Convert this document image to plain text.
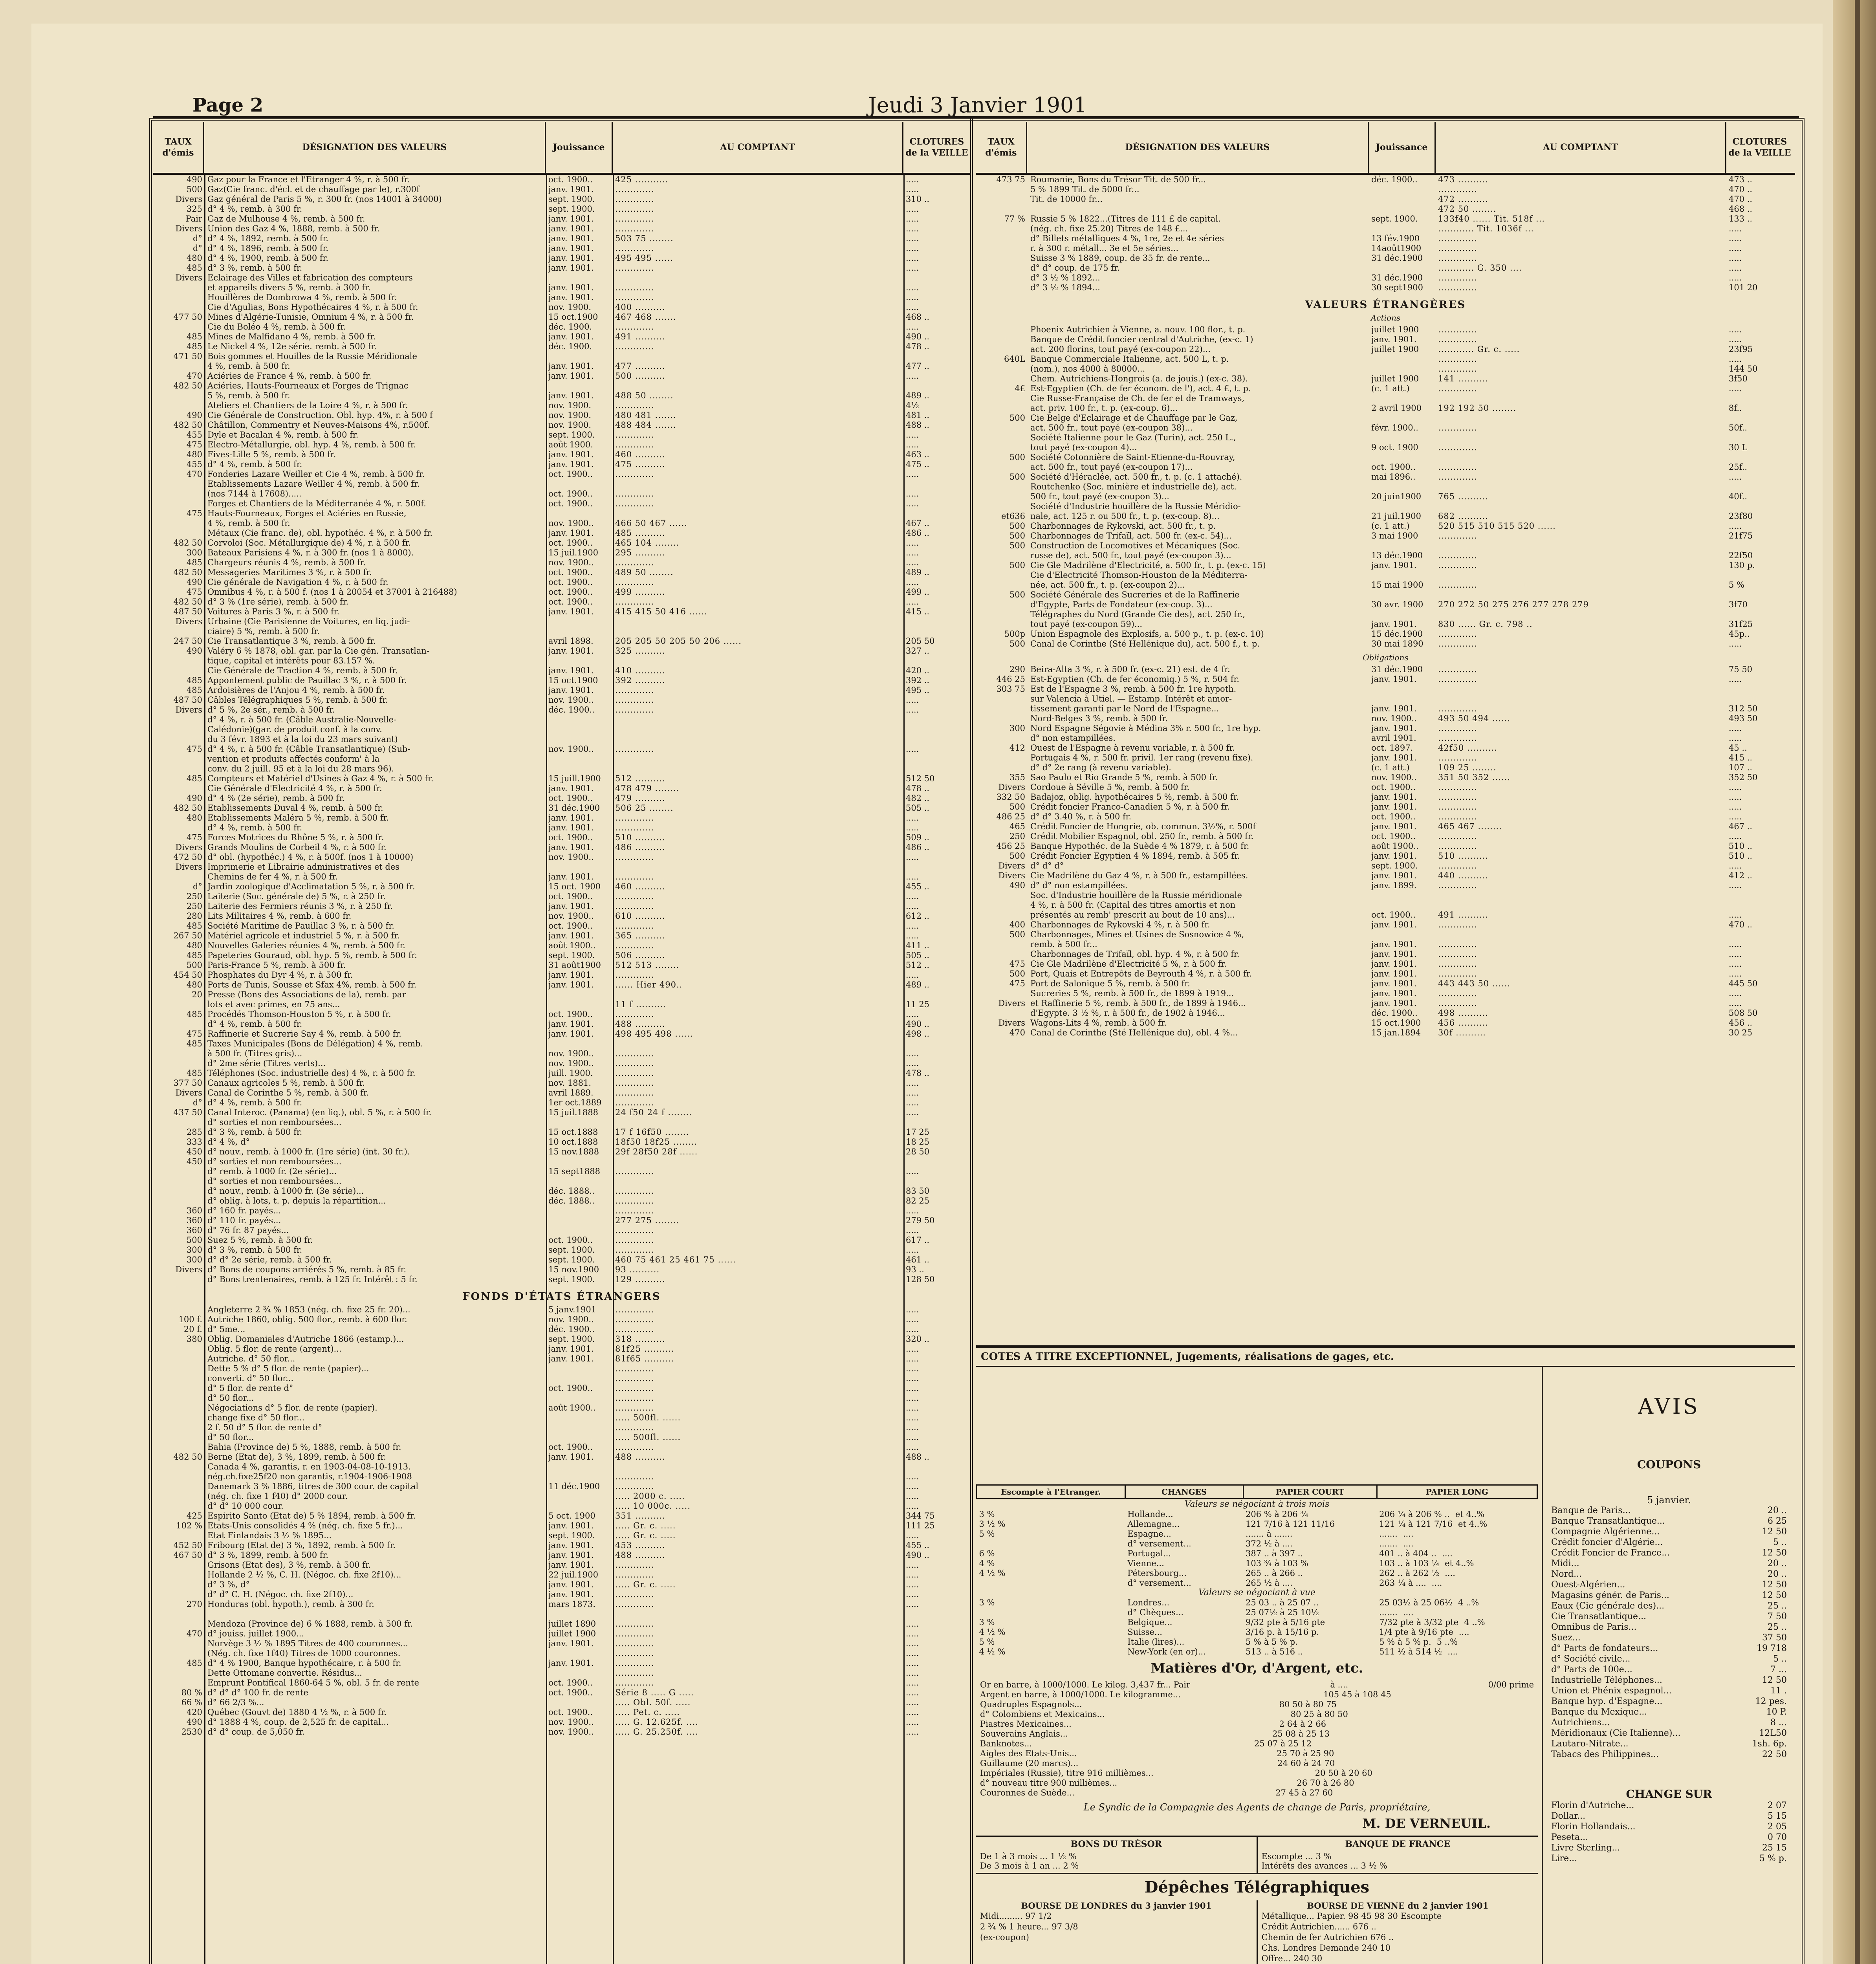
Page 2	Jeudi 3 Janvier 1901
TAUX d'émis
DÉSIGNATION DES VALEURS	Jouissance	AU COMPTANT
CLOTURES de la VEILLE
490 Gaz pour la France et l'Etranger 4 %, r. à 500 fr.	oct. 1900..	425 ...........	.....
500 Gaz(Cie franc. d'écl. et de chauffage par le), r.300f	janv. 1901.	.............	.....
Divers Gaz général de Paris 5 %, r. 300 fr. (nos 14001 à 34000)	sept. 1900.	.............	310 ..
325 d° 4 %, remb. à 300 fr.	sept. 1900.	.............	.....
Pair Gaz de Mulhouse 4 %, remb. à 500 fr.	janv. 1901.	.............	.....
Divers Union des Gaz 4 %, 1888, remb. à 500 fr.	janv. 1901.	.............	.....
d° d° 4 %, 1892, remb. à 500 fr.	janv. 1901.	503 75 ........	.....
d° d° 4 %, 1896, remb. à 500 fr.	janv. 1901.	.............	.....
480 d° 4 %, 1900, remb. à 500 fr.	janv. 1901.	495 495 ......	.....
485 d° 3 %, remb. à 500 fr.	janv. 1901.	.............	.....
Divers Eclairage des Villes et fabrication des compteurs
et appareils divers 5 %, remb. à 300 fr.	janv. 1901.	.............	.....
Houillères de Dombrowa 4 %, remb. à 500 fr.	janv. 1901.	.............	.....
Cie d'Agulias, Bons Hypothécaires 4 %, r. à 500 fr.	nov. 1900.	400 ..........	.....
477 50 Mines d'Algérie-Tunisie, Omnium 4 %, r. à 500 fr.	15 oct.1900	467 468 .......	468 ..
Cie du Boléo 4 %, remb. à 500 fr.	déc. 1900.	.............	.....
485 Mines de Malfidano 4 %, remb. à 500 fr.	janv. 1901.	491 ..........	490 ..
485 Le Nickel 4 %, 12e série. remb. à 500 fr.	déc. 1900.	.............	478 ..
471 50 Bois gommes et Houilles de la Russie Méridionale
4 %, remb. à 500 fr.	janv. 1901.	477 ..........	477 ..
470 Aciéries de France 4 %, remb. à 500 fr.	janv. 1901.	500 ..........	.....
482 50 Aciéries, Hauts-Fourneaux et Forges de Trignac
5 %, remb. à 500 fr.	janv. 1901.	488 50 ........	489 ..
Ateliers et Chantiers de la Loire 4 %, r. à 500 fr.	nov. 1900.	.............	4½
490 Cie Générale de Construction. Obl. hyp. 4%, r. à 500 f	nov. 1900.	480 481 .......	481 ..
482 50 Châtillon, Commentry et Neuves-Maisons 4%, r.500f.	nov. 1900.	488 484 .......	488 ..
455 Dyle et Bacalan 4 %, remb. à 500 fr.	sept. 1900.	.............	.....
475 Electro-Métallurgie, obl. hyp. 4 %, remb. à 500 fr.	août 1900.	.............	.....
480 Fives-Lille 5 %, remb. à 500 fr.	janv. 1901.	460 ..........	463 ..
455 d° 4 %, remb. à 500 fr.	janv. 1901.	475 ..........	475 ..
470 Fonderies Lazare Weiller et Cie 4 %, remb. à 500 fr.	oct. 1900..	.............	.....
Etablissements Lazare Weiller 4 %, remb. à 500 fr.
(nos 7144 à 17608).....	oct. 1900..	.............	.....
Forges et Chantiers de la Méditerranée 4 %, r. 500f.	oct. 1900..	.............	.....
475 Hauts-Fourneaux, Forges et Aciéries en Russie,
4 %, remb. à 500 fr.	nov. 1900..	466 50 467 ......	467 ..
Métaux (Cie franc. de), obl. hypothéc. 4 %, r. à 500 fr.	janv. 1901.	485 ..........	486 ..
482 50 Corvoloi (Soc. Métallurgique de) 4 %, r. à 500 fr.	oct. 1900..	465 104 ........	.....
300 Bateaux Parisiens 4 %, r. à 300 fr. (nos 1 à 8000).	15 juil.1900	295 ..........	.....
485 Chargeurs réunis 4 %, remb. à 500 fr.	nov. 1900..	.............	.....
482 50 Messageries Maritimes 3 %, r. à 500 fr.	oct. 1900..	489 50 ........	489 ..
490 Cie générale de Navigation 4 %, r. à 500 fr.	oct. 1900..	.............	.....
475 Omnibus 4 %, r. à 500 f. (nos 1 à 20054 et 37001 à 216488)	oct. 1900..	499 ..........	499 ..
482 50 d° 3 % (1re série), remb. à 500 fr.	oct. 1900..	.............	.....
487 50 Voitures à Paris 3 %, r. à 500 fr.	janv. 1901.	415 415 50 416 ......	415 ..
Divers Urbaine (Cie Parisienne de Voitures, en liq. judi-
ciaire) 5 %, remb. à 500 fr.
247 50 Cie Transatlantique 3 %, remb. à 500 fr.	avril 1898.	205 205 50 205 50 206 ......	205 50
490 Valéry 6 % 1878, obl. gar. par la Cie gén. Transatlan-	janv. 1901.	325 ..........	327 ..
tique, capital et intérêts pour 83.157 %.
Cie Générale de Traction 4 %, remb. à 500 fr.	janv. 1901.	410 ..........	420 ..
485 Appontement public de Pauillac 3 %, r. à 500 fr.	15 oct.1900	392 ..........	392 ..
485 Ardoisières de l'Anjou 4 %, remb. à 500 fr.	janv. 1901.	.............	495 ..
487 50 Câbles Télégraphiques 5 %, remb. à 500 fr.	nov. 1900..	.............	.....
Divers d° 5 %, 2e sér., remb. à 500 fr.	déc. 1900..	.............	.....
d° 4 %, r. à 500 fr. (Câble Australie-Nouvelle-
Calédonie)(gar. de produit conf. à la conv.
du 3 févr. 1893 et à la loi du 23 mars suivant)
475 d° 4 %, r. à 500 fr. (Câble Transatlantique) (Sub-	nov. 1900..	.............	.....
vention et produits affectés conform' à la
conv. du 2 juill. 95 et à la loi du 28 mars 96).
485 Compteurs et Matériel d'Usines à Gaz 4 %, r. à 500 fr.	15 juill.1900	512 ..........	512 50
Cie Générale d'Electricité 4 %, r. à 500 fr.	janv. 1901.	478 479 ........	478 ..
490 d° 4 % (2e série), remb. à 500 fr.	oct. 1900..	479 ..........	482 ..
482 50 Etablissements Duval 4 %, remb. à 500 fr.	31 déc.1900	506 25 ........	505 ..
480 Etablissements Maléra 5 %, remb. à 500 fr.	janv. 1901.	.............	.....
d° 4 %, remb. à 500 fr.	janv. 1901.	.............	.....
475 Forces Motrices du Rhône 5 %, r. à 500 fr.	oct. 1900..	510 ..........	509 ..
Divers Grands Moulins de Corbeil 4 %, r. à 500 fr.	janv. 1901.	486 ..........	486 ..
472 50 d° obl. (hypothéc.) 4 %, r. à 500f. (nos 1 à 10000)	nov. 1900..	.............	.....
Divers Imprimerie et Librairie administratives et des
Chemins de fer 4 %, r. à 500 fr.	janv. 1901.	.............	.....
d° Jardin zoologique d'Acclimatation 5 %, r. à 500 fr.	15 oct. 1900	460 ..........	455 ..
250 Laiterie (Soc. générale de) 5 %, r. à 250 fr.	oct. 1900..	.............	.....
250 Laiterie des Fermiers réunis 3 %, r. à 250 fr.	janv. 1901.	.............	.....
280 Lits Militaires 4 %, remb. à 600 fr.	nov. 1900..	610 ..........	612 ..
485 Société Maritime de Pauillac 3 %, r. à 500 fr.	oct. 1900..	.............	.....
267 50 Matériel agricole et industriel 5 %, r. à 500 fr.	janv. 1901.	365 ..........	.....
480 Nouvelles Galeries réunies 4 %, remb. à 500 fr.	août 1900..	.............	411 ..
485 Papeteries Gouraud, obl. hyp. 5 %, remb. à 500 fr.	sept. 1900.	506 ..........	505 ..
500 Paris-France 5 %, remb. à 500 fr.	31 août1900	512 513 ........	512 ..
454 50 Phosphates du Dyr 4 %, r. à 500 fr.	janv. 1901.	.............	.....
480 Ports de Tunis, Sousse et Sfax 4%, remb. à 500 fr.	janv. 1901.	...... Hier 490..	489 ..
20 Presse (Bons des Associations de la), remb. par
lots et avec primes, en 75 ans...	11 f ..........	11 25
485 Procédés Thomson-Houston 5 %, r. à 500 fr.	oct. 1900..	.............	.....
d° 4 %, remb. à 500 fr.	janv. 1901.	488 ..........	490 ..
475 Raffinerie et Sucrerie Say 4 %, remb. à 500 fr.	janv. 1901.	498 495 498 ......	498 ..
485 Taxes Municipales (Bons de Délégation) 4 %, remb.
à 500 fr. (Titres gris)...	nov. 1900..	.............	.....
d° 2me série (Titres verts)...	nov. 1900..	.............	.....
485 Téléphones (Soc. industrielle des) 4 %, r. à 500 fr.	juill. 1900.	.............	478 ..
377 50 Canaux agricoles 5 %, remb. à 500 fr.	nov. 1881.	.............	.....
Divers Canal de Corinthe 5 %, remb. à 500 fr.	avril 1889.	.............	.....
d° d° 4 %, remb. à 500 fr.	1er oct.1889	.............	.....
437 50 Canal Interoc. (Panama) (en liq.), obl. 5 %, r. à 500 fr.	15 juil.1888	24 f50 24 f ........	.....
d° sorties et non remboursées...
285 d° 3 %, remb. à 500 fr.	15 oct.1888	17 f 16f50 ........	17 25
333 d° 4 %, d°	10 oct.1888	18f50 18f25 ........	18 25
450 d° nouv., remb. à 1000 fr. (1re série) (int. 30 fr.).	15 nov.1888	29f 28f50 28f ......	28 50
450 d° sorties et non remboursées...
d° remb. à 1000 fr. (2e série)...	15 sept1888	.............	.....
d° sorties et non remboursées...
d° nouv., remb. à 1000 fr. (3e série)...	déc. 1888..	.............	83 50
d° oblig. à lots, t. p. depuis la répartition...	déc. 1888..	.............	82 25
360 d° 160 fr. payés...	.............	.....
360 d° 110 fr. payés...	277 275 ........	279 50
360 d° 76 fr. 87 payés...	.............	.....
500 Suez 5 %, remb. à 500 fr.	oct. 1900..	.............	617 ..
300 d° 3 %, remb. à 500 fr.	sept. 1900.	.............	.....
300 d° d° 2e série, remb. à 500 fr.	sept. 1900.	460 75 461 25 461 75 ......	461 ..
Divers d° Bons de coupons arriérés 5 %, remb. à 85 fr.	15 nov.1900	93 ..........	93 ..
d° Bons trentenaires, remb. à 125 fr. Intérêt : 5 fr.	sept. 1900.	129 ..........	128 50
FONDS D'ÉTATS ÉTRANGERS
Angleterre 2 ¾ % 1853 (nég. ch. fixe 25 fr. 20)...	5 janv.1901	.............	.....
100 f. Autriche 1860, oblig. 500 flor., remb. à 600 flor.	nov. 1900..	.............	.....
20 f. d° 5me...	déc. 1900..	.............	.....
380 Oblig. Domaniales d'Autriche 1866 (estamp.)...	sept. 1900.	318 ..........	320 ..
Oblig. 5 flor. de rente (argent)...	janv. 1901.	81f25 ..........	.....
Autriche. d° 50 flor...	janv. 1901.	81f65 ..........	.....
Dette 5 % d° 5 flor. de rente (papier)...	.............	.....
converti. d° 50 flor...	.............	.....
d° 5 flor. de rente d°	oct. 1900..	.............	.....
d° 50 flor...	.............	.....
Négociations d° 5 flor. de rente (papier).	août 1900..	.............	.....
change fixe d° 50 flor...	..... 500fl. ......	.....
2 f. 50 d° 5 flor. de rente d°	.............	.....
d° 50 flor...	..... 500fl. ......	.....
Bahia (Province de) 5 %, 1888, remb. à 500 fr.	oct. 1900..	.............	.....
482 50 Berne (Etat de), 3 %, 1899, remb. à 500 fr.	janv. 1901.	488 ..........	488 ..
Canada 4 %, garantis, r. en 1903-04-08-10-1913.
nég.ch.fixe25f20 non garantis, r.1904-1906-1908	.............	.....
Danemark 3 % 1886, titres de 300 cour. de capital	11 déc.1900	.............	.....
(nég. ch. fixe 1 f40) d° 2000 cour.	..... 2000 c. .....	.....
d° d° 10 000 cour.	..... 10 000c. .....	.....
425 Espirito Santo (Etat de) 5 % 1894, remb. à 500 fr.	5 oct. 1900	351 ..........	344 75
102 % Etats-Unis consolidés 4 % (nég. ch. fixe 5 fr.)...	janv. 1901.	..... Gr. c. .....	111 25
Etat Finlandais 3 ½ % 1895...	sept. 1900.	..... Gr. c. .....	.....
452 50 Fribourg (Etat de) 3 %, 1892, remb. à 500 fr.	janv. 1901.	453 ..........	455 ..
467 50 d° 3 %, 1899, remb. à 500 fr.	janv. 1901.	488 ..........	490 ..
Grisons (Etat des), 3 %, remb. à 500 fr.	janv. 1901.	.............	.....
Hollande 2 ½ %, C. H. (Négoc. ch. fixe 2f10)...	22 juil.1900	.............	.....
d° 3 %, d°	janv. 1901.	..... Gr. c. .....	.....
d° d° C. H. (Négoc. ch. fixe 2f10)...	janv. 1901.	.............	.....
270 Honduras (obl. hypoth.), remb. à 300 fr.	mars 1873.	.............	.....
Mendoza (Province de) 6 % 1888, remb. à 500 fr.	juillet 1890	.............	.....
470 d° jouiss. juillet 1900...	juillet 1900	.............	.....
Norvège 3 ½ % 1895 Titres de 400 couronnes...	janv. 1901.	.............	.....
(Nég. ch. fixe 1f40) Titres de 1000 couronnes.	.............	.....
485 d° 4 % 1900, Banque hypothécaire, r. à 500 fr.	janv. 1901.	.............	.....
Dette Ottomane convertie. Résidus...	.............	.....
Emprunt Pontifical 1860-64 5 %, obl. 5 fr. de rente	oct. 1900..	.............	.....
80 % d° d° d° 100 fr. de rente	oct. 1900..	Série 8 ..... G .....	.....
66 % d° 66 2/3 %...	..... Obl. 50f. .....	.....
420 Québec (Gouvt de) 1880 4 ½ %, r. à 500 fr.	oct. 1900..	..... Pet. c. .....	.....
490 d° 1888 4 %, coup. de 2,525 fr. de capital...	nov. 1900..	..... G. 12.625f. ....	.....
2530 d° d° coup. de 5,050 fr.	nov. 1900..	..... G. 25.250f. ....	.....
TAUX d'émis
DÉSIGNATION DES VALEURS	Jouissance	AU COMPTANT
CLOTURES de la VEILLE
473 75 Roumanie, Bons du Trésor Tit. de 500 fr...	déc. 1900..	473 ..........	473 ..
5 % 1899 Tit. de 5000 fr...	.............	470 ..
Tit. de 10000 fr...	472 ..........	470 ..
472 50 ........	468 ..
77 % Russie 5 % 1822...(Titres de 111 £ de capital.	sept. 1900.	133f40 ...... Tit. 518f ...	133 ..
(nég. ch. fixe 25.20) Titres de 148 £...	............ Tit. 1036f ...	.....
d° Billets métalliques 4 %, 1re, 2e et 4e séries	13 fév.1900	.............	.....
r. à 300 r. métall... 3e et 5e séries...	14août1900	.............	.....
Suisse 3 % 1889, coup. de 35 fr. de rente...	31 déc.1900	.............	.....
d° d° coup. de 175 fr.	............ G. 350 ....	.....
d° 3 ½ % 1892...	31 déc.1900	.............	.....
d° 3 ½ % 1894...	30 sept1900	.............	101 20
VALEURS ÉTRANGÈRES
Actions
Phoenix Autrichien à Vienne, a. nouv. 100 flor., t. p.	juillet 1900	.............	.....
Banque de Crédit foncier central d'Autriche, (ex-c. 1)	janv. 1901.	.............	.....
act. 200 florins, tout payé (ex-coupon 22)...	juillet 1900	............ Gr. c. .....	23f95
640L Banque Commerciale Italienne, act. 500 L, t. p.	.............	.....
(nom.), nos 4000 à 80000...	.............	144 50
Chem. Autrichiens-Hongrois (a. de jouis.) (ex-c. 38).	juillet 1900	141 ..........	3f50
4£ Est-Egyptien (Ch. de fer économ. de l'), act. 4 £, t. p.	(c. 1 att.)	.............	.....
Cie Russe-Française de Ch. de fer et de Tramways,
act. priv. 100 fr., t. p. (ex-coup. 6)...	2 avril 1900	192 192 50 ........	8f..
500 Cie Belge d'Eclairage et de Chauffage par le Gaz,
act. 500 fr., tout payé (ex-coupon 38)...	févr. 1900..	.............	50f..
Société Italienne pour le Gaz (Turin), act. 250 L.,
tout payé (ex-coupon 4)...	9 oct. 1900	.............	30 L
500 Société Cotonnière de Saint-Etienne-du-Rouvray,
act. 500 fr., tout payé (ex-coupon 17)...	oct. 1900..	.............	25f..
500 Société d'Héraclée, act. 500 fr., t. p. (c. 1 attaché).	mai 1896..	.............	.....
Routchenko (Soc. minière et industrielle de), act.
500 fr., tout payé (ex-coupon 3)...	20 juin1900	765 ..........	40f..
Société d'Industrie houillère de la Russie Méridio-
et636 nale, act. 125 r. ou 500 fr., t. p. (ex-coup. 8)...	21 juil.1900	682 ..........	23f80
500 Charbonnages de Rykovski, act. 500 fr., t. p.	(c. 1 att.)	520 515 510 515 520 ......	.....
500 Charbonnages de Trifaïl, act. 500 fr. (ex-c. 54)...	3 mai 1900	.............	21f75
500 Construction de Locomotives et Mécaniques (Soc.
russe de), act. 500 fr., tout payé (ex-coupon 3)...	13 déc.1900	.............	22f50
500 Cie Gle Madrilène d'Electricité, a. 500 fr., t. p. (ex-c. 15)	janv. 1901.	.............	130 p.
Cie d'Electricité Thomson-Houston de la Méditerra-
née, act. 500 fr., t. p. (ex-coupon 2)...	15 mai 1900	.............	5 %
500 Société Générale des Sucreries et de la Raffinerie
d'Egypte, Parts de Fondateur (ex-coup. 3)...	30 avr. 1900	270 272 50 275 276 277 278 279	3f70
Télégraphes du Nord (Grande Cie des), act. 250 fr.,
tout payé (ex-coupon 59)...	janv. 1901.	830 ...... Gr. c. 798 ..	31f25
500p Union Espagnole des Explosifs, a. 500 p., t. p. (ex-c. 10)	15 déc.1900	.............	45p..
500 Canal de Corinthe (Sté Hellénique du), act. 500 f., t. p.	30 mai 1890	.............	.....
Obligations
290 Beira-Alta 3 %, r. à 500 fr. (ex-c. 21) est. de 4 fr.	31 déc.1900	.............	75 50
446 25 Est-Egyptien (Ch. de fer économiq.) 5 %, r. 504 fr.	janv. 1901.	.............	.....
303 75 Est de l'Espagne 3 %, remb. à 500 fr. 1re hypoth.
sur Valencia à Utiel. — Estamp. Intérêt et amor-
tissement garanti par le Nord de l'Espagne...	janv. 1901.	.............	312 50
Nord-Belges 3 %, remb. à 500 fr.	nov. 1900..	493 50 494 ......	493 50
300 Nord Espagne Ségovie à Médina 3% r. 500 fr., 1re hyp.	janv. 1901.	.............	.....
d° non estampillées.	avril 1901.	.............	.....
412 Ouest de l'Espagne à revenu variable, r. à 500 fr.	oct. 1897.	42f50 ..........	45 ..
Portugais 4 %, r. 500 fr. privil. 1er rang (revenu fixe).	janv. 1901.	.............	415 ..
d° d° 2e rang (à revenu variable).	(c. 1 att.)	109 25 ........	107 ..
355 Sao Paulo et Rio Grande 5 %, remb. à 500 fr.	nov. 1900..	351 50 352 ......	352 50
Divers Cordoue à Séville 5 %, remb. à 500 fr.	oct. 1900..	.............	.....
332 50 Badajoz, oblig. hypothécaires 5 %, remb. à 500 fr.	janv. 1901.	.............	.....
500 Crédit foncier Franco-Canadien 5 %, r. à 500 fr.	janv. 1901.	.............	.....
486 25 d° d° 3.40 %, r. à 500 fr.	oct. 1900..	.............	.....
465 Crédit Foncier de Hongrie, ob. commun. 3½%, r. 500f	janv. 1901.	465 467 ........	467 ..
250 Crédit Mobilier Espagnol, obl. 250 fr., remb. à 500 fr.	oct. 1900..	.............	.....
456 25 Banque Hypothéc. de la Suède 4 % 1879, r. à 500 fr.	août 1900..	.............	510 ..
500 Crédit Foncier Egyptien 4 % 1894, remb. à 505 fr.	janv. 1901.	510 ..........	510 ..
Divers d° d° d°	sept. 1900.	.............	.....
Divers Cie Madrilène du Gaz 4 %, r. à 500 fr., estampillées.	janv. 1901.	440 ..........	412 ..
490 d° d° non estampillées.	janv. 1899.	.............	.....
Soc. d'Industrie houillère de la Russie méridionale
4 %, r. à 500 fr. (Capital des titres amortis et non
présentés au remb' prescrit au bout de 10 ans)...	oct. 1900..	491 ..........	.....
400 Charbonnages de Rykovski 4 %, r. à 500 fr.	janv. 1901.	.............	470 ..
500 Charbonnages, Mines et Usines de Sosnowice 4 %,
remb. à 500 fr...	janv. 1901.	.............	.....
Charbonnages de Trifaïl, obl. hyp. 4 %, r. à 500 fr.	janv. 1901.	.............	.....
475 Cie Gle Madrilène d'Electricité 5 %, r. à 500 fr.	janv. 1901.	.............	.....
500 Port, Quais et Entrepôts de Beyrouth 4 %, r. à 500 fr.	janv. 1901.	.............	.....
475 Port de Salonique 5 %, remb. à 500 fr.	janv. 1901.	443 443 50 ......	445 50
Sucreries 5 %, remb. à 500 fr., de 1899 à 1919...	janv. 1901.	.............	.....
Divers et Raffinerie 5 %, remb. à 500 fr., de 1899 à 1946...	janv. 1901.	.............	.....
d'Egypte. 3 ½ %, r. à 500 fr., de 1902 à 1946...	déc. 1900..	498 ..........	508 50
Divers Wagons-Lits 4 %, remb. à 500 fr.	15 oct.1900	456 ..........	456 ..
470 Canal de Corinthe (Sté Hellénique du), obl. 4 %...	15 jan.1894	30f ..........	30 25
COTES A TITRE EXCEPTIONNEL, Jugements, réalisations de gages, etc.
Escompte à l'Etranger.	CHANGES	PAPIER COURT	PAPIER LONG
Valeurs se négociant à trois mois			
3 %	Hollande...	206 % à 206 ¾	206 ¼ à 206 % .. et 4..%
3 ½ %	Allemagne...	121 7/16 à 121 11/16	121 ¼ à 121 7/16 et 4..%
5 %	Espagne...	....... à .......	....... ....
	d° versement...	372 ½ à ....	....... ....
6 %	Portugal...	387 .. à 397 ..	401 .. à 404 .. ....
4 %	Vienne...	103 ¾ à 103 %	103 .. à 103 ¼ et 4..%
4 ½ %	Pétersbourg...	265 .. à 266 ..	262 .. à 262 ½ ....
	d° versement...	265 ½ à ....	263 ¼ à .... ....
Valeurs se négociant à vue			
3 %	Londres...	25 03 .. à 25 07 ..	25 03½ à 25 06½ 4 ..%
	d° Chèques...	25 07½ à 25 10½	....... ....
3 %	Belgique...	9/32 pte à 5/16 pte	7/32 pte à 3/32 pte 4 ..%
4 ½ %	Suisse...	3/16 p. à 15/16 p.	1/4 pte à 9/16 pte ....
5 %	Italie (lires)...	5 % à 5 % p.	5 % à 5 % p. 5 ..%
4 ½ %	New-York (en or)...	513 .. à 516 ..	511 ½ à 514 ½ ....
Matières d'Or, d'Argent, etc.
Or en barre, à 1000/1000. Le kilog. 3,437 fr... Pair	à ....	0/00 prime
Argent en barre, à 1000/1000. Le kilogramme...	105 45 à 108 45
Quadruples Espagnols...	80 50 à 80 75
d° Colombiens et Mexicains...	80 25 à 80 50
Piastres Mexicaines...	2 64 à 2 66
Souverains Anglais...	25 08 à 25 13
Banknotes...	25 07 à 25 12
Aigles des Etats-Unis...	25 70 à 25 90
Guillaume (20 marcs)...	24 60 à 24 70
Impériales (Russie), titre 916 millièmes...	20 50 à 20 60
d° nouveau titre 900 millièmes...	26 70 à 26 80
Couronnes de Suède...	27 45 à 27 60
Le Syndic de la Compagnie des Agents de change de Paris, propriétaire,
M. DE VERNEUIL.
BONS DU TRÉSOR
De 1 à 3 mois ... 1 ½ %
De 3 mois à 1 an ... 2 %
BANQUE DE FRANCE
Escompte ... 3 %
Intérêts des avances ... 3 ½ %
Dépêches Télégraphiques
BOURSE DE LONDRES du 3 janvier 1901
Midi......... 97 1/2
2 ¾ % 1 heure... 97 3/8
(ex-coupon)
BOURSE DE VIENNE du 2 janvier 1901
Métallique... Papier. 98 45 98 30 Escompte
Crédit Autrichien...... 676 ..
Chemin de fer Autrichien 676 ..
Chs. Londres Demande 240 10
Offre... 240 30
AVIS
COUPONS
5 janvier.
Banque de Paris...	20 ..
Banque Transatlantique...	6 25
Compagnie Algérienne...	12 50
Crédit foncier d'Algérie...	5 ..
Crédit Foncier de France...	12 50
Midi...	20 ..
Nord...	20 ..
Ouest-Algérien...	12 50
Magasins génér. de Paris...	12 50
Eaux (Cie générale des)...	25 ..
Cie Transatlantique...	7 50
Omnibus de Paris...	25 ..
Suez...	37 50
d° Parts de fondateurs...	19 718
d° Société civile...	5 ..
d° Parts de 100e...	7 ...
Industrielle Téléphones...	12 50
Union et Phénix espagnol...	11 .
Banque hyp. d'Espagne...	12 pes.
Banque du Mexique...	10 P.
Autrichiens...	8 ...
Méridionaux (Cie Italienne)...	12L50
Lautaro-Nitrate...	1sh. 6p.
Tabacs des Philippines...	22 50
CHANGE SUR
Florin d'Autriche...	2 07
Dollar...	5 15
Florin Hollandais...	2 05
Peseta...	0 70
Livre Sterling...	25 15
Lire...	5 % p.
